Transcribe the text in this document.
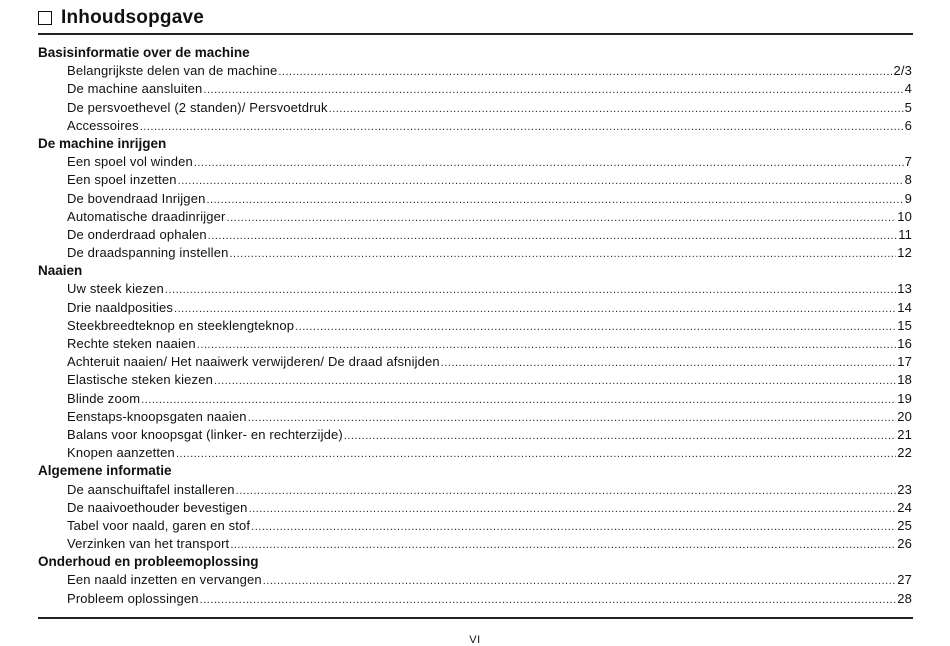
Inhoudsopgave
Basisinformatie over de machine
Belangrijkste delen van de machine .....	2/3
De machine aansluiten .....	4
De persvoethevel (2 standen)/ Persvoetdruk .....	5
Accessoires .....	6
De machine inrijgen
Een spoel vol winden .....	7
Een spoel inzetten .....	8
De bovendraad Inrijgen .....	9
Automatische draadinrijger .....	10
De onderdraad ophalen .....	11
De draadspanning instellen .....	12
Naaien
Uw steek kiezen .....	13
Drie naaldposities .....	14
Steekbreedteknop en steeklengteknop .....	15
Rechte steken naaien .....	16
Achteruit naaien/ Het naaiwerk verwijderen/ De draad afsnijden .....	17
Elastische steken kiezen .....	18
Blinde zoom .....	19
Eenstaps-knoopsgaten naaien .....	20
Balans voor knoopsgat (linker- en rechterzijde) .....	21
Knopen aanzetten .....	22
Algemene informatie
De aanschuiftafel installeren .....	23
De naaivoethouder bevestigen .....	24
Tabel voor naald, garen en stof .....	25
Verzinken van het transport .....	26
Onderhoud en probleemoplossing
Een naald inzetten en vervangen .....	27
Probleem oplossingen .....	28
VI
